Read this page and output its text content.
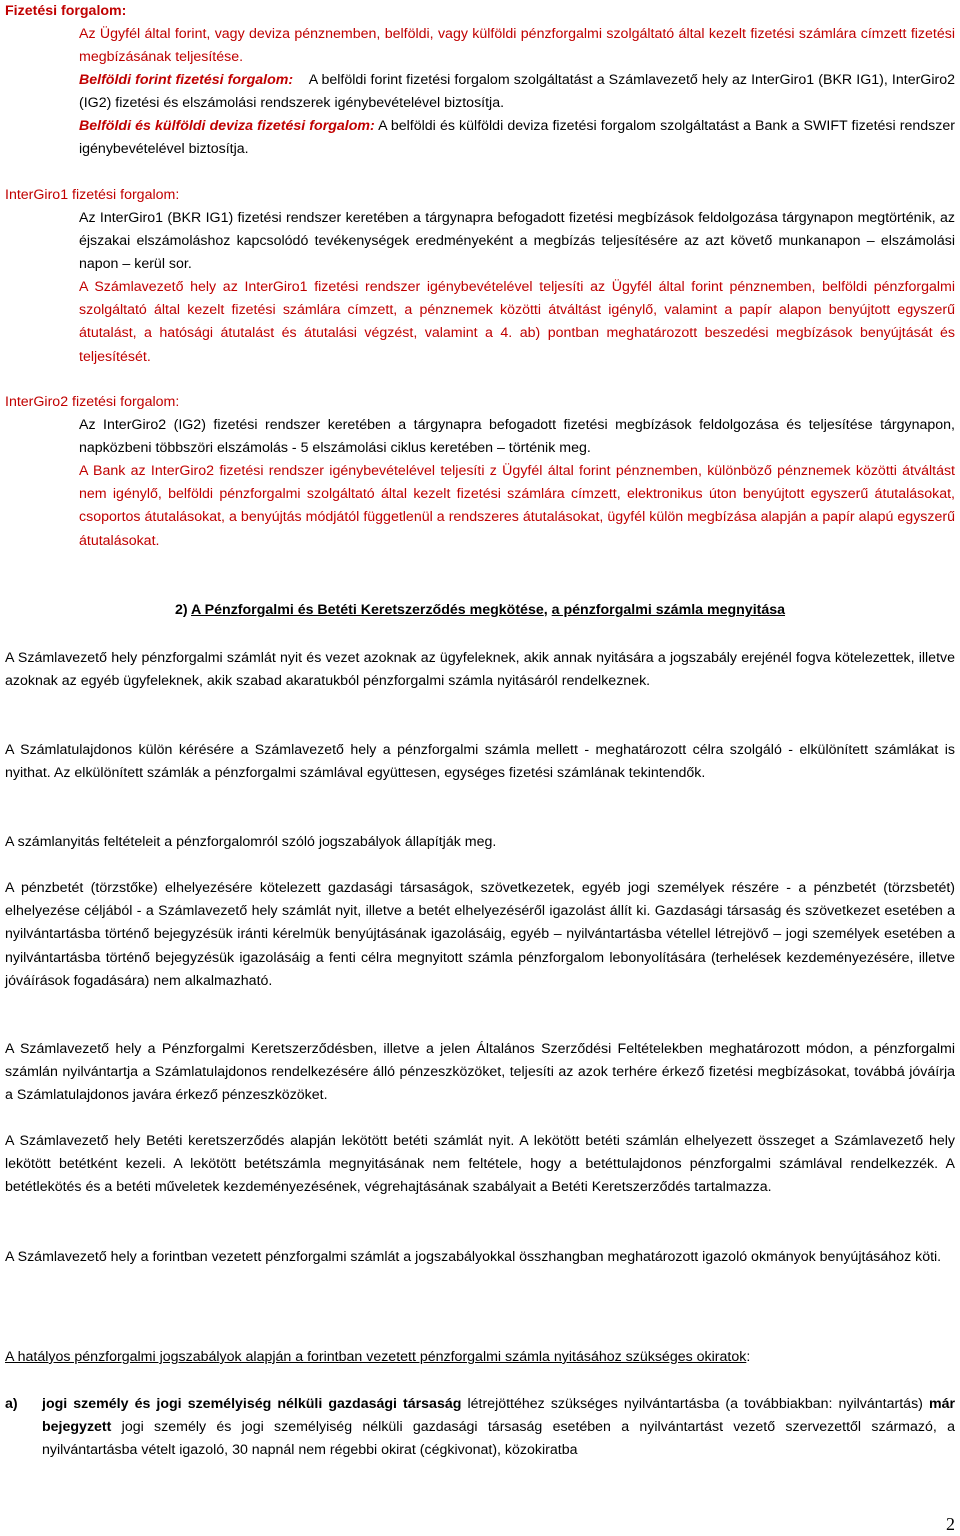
Fizetési forgalom:

Az Ügyfél által forint, vagy deviza pénznemben, belföldi, vagy külföldi pénzforgalmi szolgáltató által kezelt fizetési számlára címzett fizetési megbízásának teljesítése.

Belföldi forint fizetési forgalom: A belföldi forint fizetési forgalom szolgáltatást a Számlavezető hely az InterGiro1 (BKR IG1), InterGiro2 (IG2) fizetési és elszámolási rendszerek igénybevételével biztosítja.

Belföldi és külföldi deviza fizetési forgalom: A belföldi és külföldi deviza fizetési forgalom szolgáltatást a Bank a SWIFT fizetési rendszer igénybevételével biztosítja.

InterGiro1 fizetési forgalom:

Az InterGiro1 (BKR IG1) fizetési rendszer keretében a tárgynapra befogadott fizetési megbízások feldolgozása tárgynapon megtörténik, az éjszakai elszámoláshoz kapcsolódó tevékenységek eredményeként a megbízás teljesítésére az azt követő munkanapon – elszámolási napon – kerül sor.

A Számlavezető hely az InterGiro1 fizetési rendszer igénybevételével teljesíti az Ügyfél által forint pénznemben, belföldi pénzforgalmi szolgáltató által kezelt fizetési számlára címzett, a pénznemek közötti átváltást igénylő, valamint a papír alapon benyújtott egyszerű átutalást, a hatósági átutalást és átutalási végzést, valamint a 4. ab) pontban meghatározott beszedési megbízások benyújtását és teljesítését.

InterGiro2 fizetési forgalom:

Az InterGiro2 (IG2) fizetési rendszer keretében a tárgynapra befogadott fizetési megbízások feldolgozása és teljesítése tárgynapon, napközbeni többszöri elszámolás - 5 elszámolási ciklus keretében – történik meg.

A Bank az InterGiro2 fizetési rendszer igénybevételével teljesíti z Ügyfél által forint pénznemben, különböző pénznemek közötti átváltást nem igénylő, belföldi pénzforgalmi szolgáltató által kezelt fizetési számlára címzett, elektronikus úton benyújtott egyszerű átutalásokat, csoportos átutalásokat, a benyújtás módjától függetlenül a rendszeres átutalásokat, ügyfél külön megbízása alapján a papír alapú egyszerű átutalásokat.

2) A Pénzforgalmi és Betéti Keretszerződés megkötése, a pénzforgalmi számla megnyitása

A Számlavezető hely pénzforgalmi számlát nyit és vezet azoknak az ügyfeleknek, akik annak nyitására a jogszabály erejénél fogva kötelezettek, illetve azoknak az egyéb ügyfeleknek, akik szabad akaratukból pénzforgalmi számla nyitásáról rendelkeznek.

A Számlatulajdonos külön kérésére a Számlavezető hely a pénzforgalmi számla mellett - meghatározott célra szolgáló - elkülönített számlákat is nyithat. Az elkülönített számlák a pénzforgalmi számlával együttesen, egységes fizetési számlának tekintendők.

A számlanyitás feltételeit a pénzforgalomról szóló jogszabályok állapítják meg.

A pénzbetét (törzstőke) elhelyezésére kötelezett gazdasági társaságok, szövetkezetek, egyéb jogi személyek részére - a pénzbetét (törzsbetét) elhelyezése céljából - a Számlavezető hely számlát nyit, illetve a betét elhelyezéséről igazolást állít ki. Gazdasági társaság és szövetkezet esetében a nyilvántartásba történő bejegyzésük iránti kérelmük benyújtásának igazolásáig, egyéb – nyilvántartásba vétellel létrejövő – jogi személyek esetében a nyilvántartásba történő bejegyzésük igazolásáig a fenti célra megnyitott számla pénzforgalom lebonyolítására (terhelések kezdeményezésére, illetve jóváírások fogadására) nem alkalmazható.

A Számlavezető hely a Pénzforgalmi Keretszerződésben, illetve a jelen Általános Szerződési Feltételekben meghatározott módon, a pénzforgalmi számlán nyilvántartja a Számlatulajdonos rendelkezésére álló pénzeszközöket, teljesíti az azok terhére érkező fizetési megbízásokat, továbbá jóváírja a Számlatulajdonos javára érkező pénzeszközöket.

A Számlavezető hely Betéti keretszerződés alapján lekötött betéti számlát nyit. A lekötött betéti számlán elhelyezett összeget a Számlavezető hely lekötött betétként kezeli. A lekötött betétszámla megnyitásának nem feltétele, hogy a betéttulajdonos pénzforgalmi számlával rendelkezzék. A betétlekötés és a betéti műveletek kezdeményezésének, végrehajtásának szabályait a Betéti Keretszerződés tartalmazza.

A Számlavezető hely a forintban vezetett pénzforgalmi számlát a jogszabályokkal összhangban meghatározott igazoló okmányok benyújtásához köti.

A hatályos pénzforgalmi jogszabályok alapján a forintban vezetett pénzforgalmi számla nyitásához szükséges okiratok:

a) jogi személy és jogi személyiség nélküli gazdasági társaság létrejöttéhez szükséges nyilvántartásba (a továbbiakban: nyilvántartás) már bejegyzett jogi személy és jogi személyiség nélküli gazdasági társaság esetében a nyilvántartást vezető szervezettől származó, a nyilvántartásba vételt igazoló, 30 napnál nem régebbi okirat (cégkivonat), közokiratba

2
